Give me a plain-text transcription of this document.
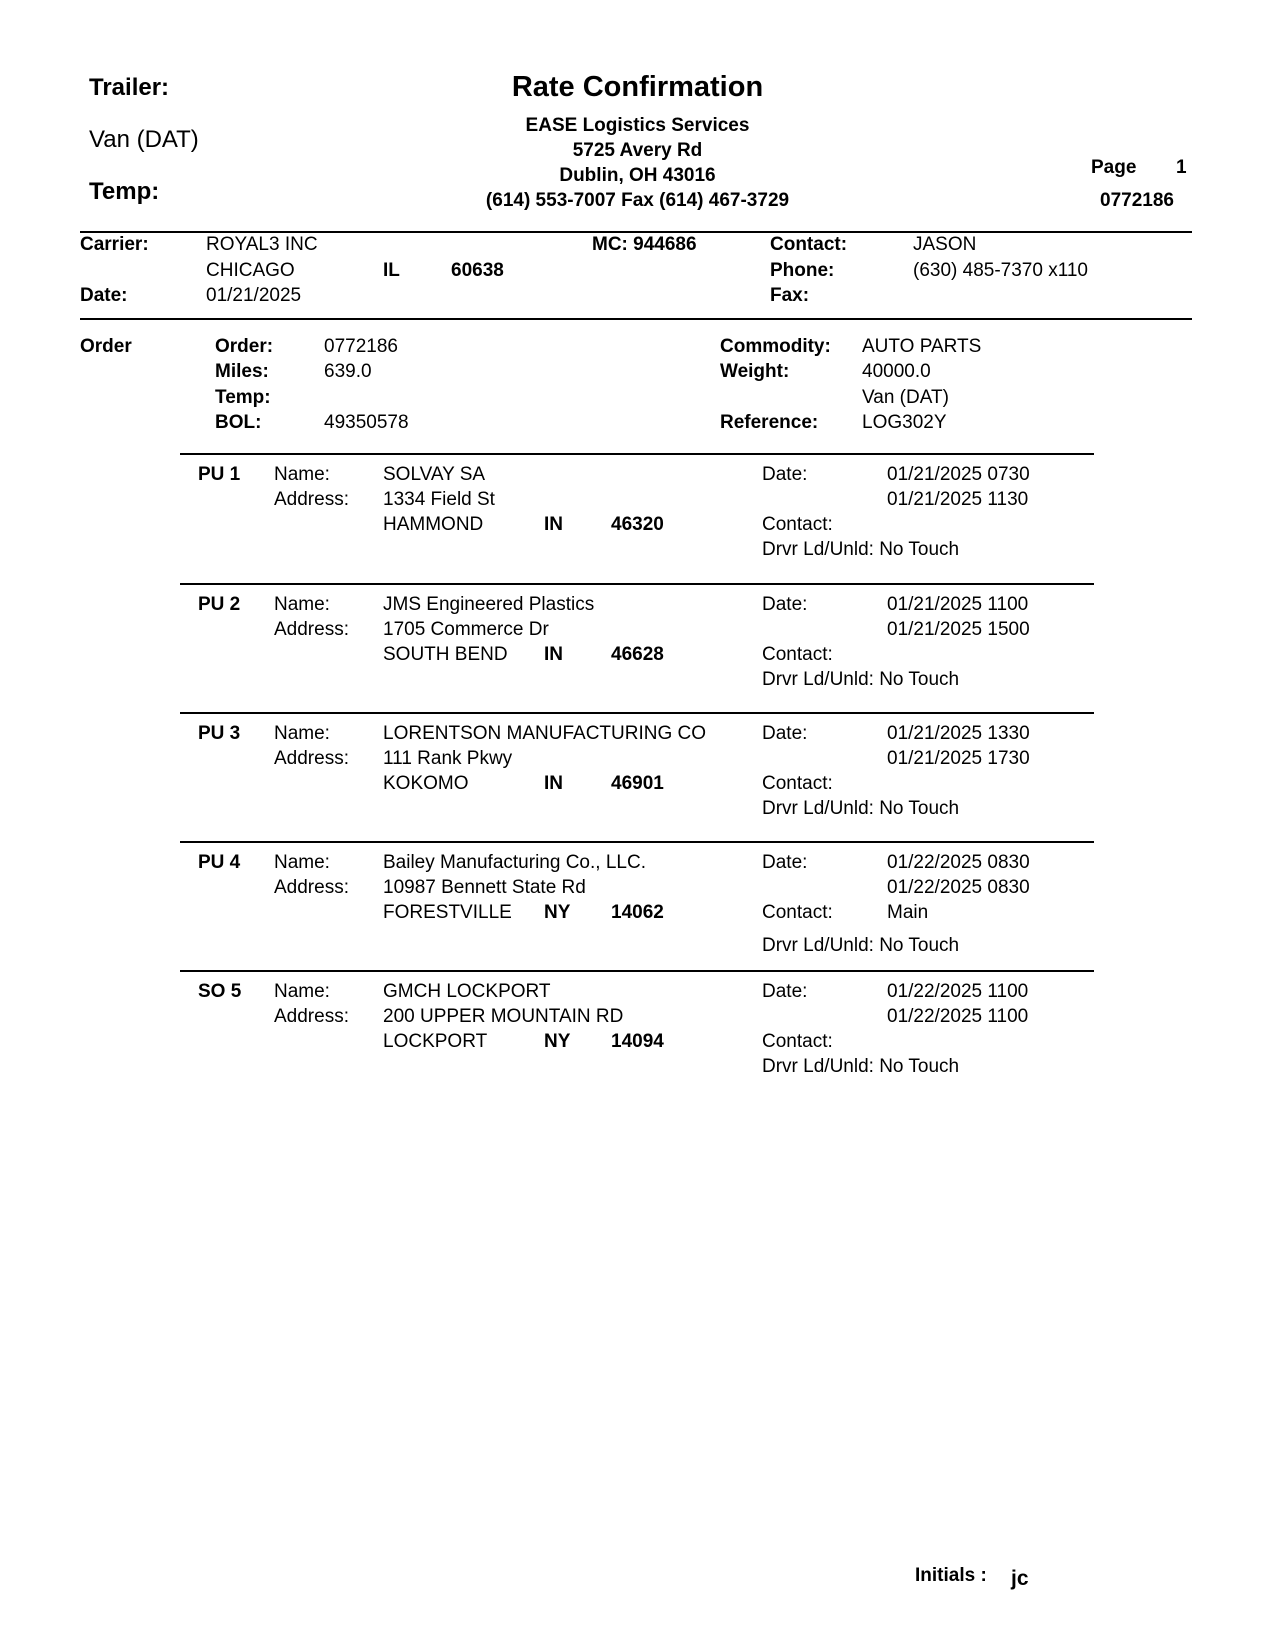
Trailer:
Van (DAT)
Temp:
Rate Confirmation
EASE Logistics Services
5725 Avery Rd
Dublin, OH 43016
(614) 553-7007 Fax (614) 467-3729
Page 1
0772186
Carrier:	ROYAL3 INC
CHICAGO	IL	60638
MC: 944686
Date:	01/21/2025
Contact:	JASON
Phone:	(630) 485-7370 x110
Fax:
Order	Order:	0772186
Miles:	639.0
Temp:
BOL:	49350578
Commodity: AUTO PARTS
Weight:	40000.0
Van (DAT)
Reference: LOG302Y
PU 1 Name:	SOLVAY SA
Address: 1334 Field St
HAMMOND	IN	46320
Date:	01/21/2025 0730
01/21/2025 1130
Contact:
Drvr Ld/Unld: No Touch
PU 2 Name:	JMS Engineered Plastics
Address: 1705 Commerce Dr
SOUTH BEND IN	46628
Date:	01/21/2025 1100
01/21/2025 1500
Contact:
Drvr Ld/Unld: No Touch
PU 3 Name:	LORENTSON MANUFACTURING CO
Address: 111 Rank Pkwy
KOKOMO	IN	46901
Date:	01/21/2025 1330
01/21/2025 1730
Contact:
Drvr Ld/Unld: No Touch
PU 4 Name:	Bailey Manufacturing Co., LLC.
Address: 10987 Bennett State Rd
FORESTVILLE NY 14062
Date:	01/22/2025 0830
01/22/2025 0830
Contact:	Main
Drvr Ld/Unld: No Touch
SO 5 Name:	GMCH LOCKPORT
Address: 200 UPPER MOUNTAIN RD
LOCKPORT	NY 14094
Date:	01/22/2025 1100
01/22/2025 1100
Contact:
Drvr Ld/Unld: No Touch
Initials : jc
